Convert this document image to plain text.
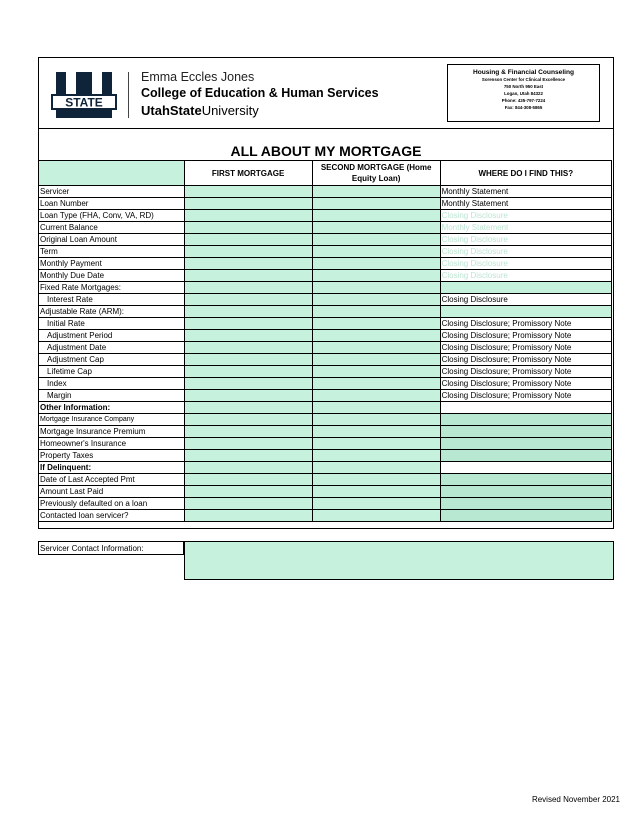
STATE
Emma Eccles Jones
College of Education & Human Services
UtahStateUniversity
Housing & Financial Counseling
Sorenson Center for Clinical Excellence
750 North 950 East
Logan, Utah 84322
Phone: 435-797-7224
Fax: 844-308-5865
ALL ABOUT MY MORTGAGE
	FIRST MORTGAGE	SECOND MORTGAGE (Home Equity Loan)	WHERE DO I FIND THIS?
Servicer			Monthly Statement
Loan Number			Monthly Statement
Loan Type (FHA, Conv, VA, RD)			Closing Disclosure
Current Balance			Monthly Statement
Original Loan Amount			Closing Disclosure
Term			Closing Disclosure
Monthly Payment			Closing Disclosure
Monthly Due Date			Closing Disclosure
Fixed Rate Mortgages:			
Interest Rate			Closing Disclosure
Adjustable Rate (ARM):			
Initial Rate			Closing Disclosure; Promissory Note
Adjustment Period			Closing Disclosure; Promissory Note
Adjustment Date			Closing Disclosure; Promissory Note
Adjustment Cap			Closing Disclosure; Promissory Note
Lifetime Cap			Closing Disclosure; Promissory Note
Index			Closing Disclosure; Promissory Note
Margin			Closing Disclosure; Promissory Note
Other Information:			
Mortgage Insurance Company			
Mortgage Insurance Premium			
Homeowner's Insurance			
Property Taxes			
If Delinquent:			
Date of Last Accepted Pmt			
Amount Last Paid			
Previously defaulted on a loan			
Contacted loan servicer?			
Servicer Contact Information:
Revised November 2021
